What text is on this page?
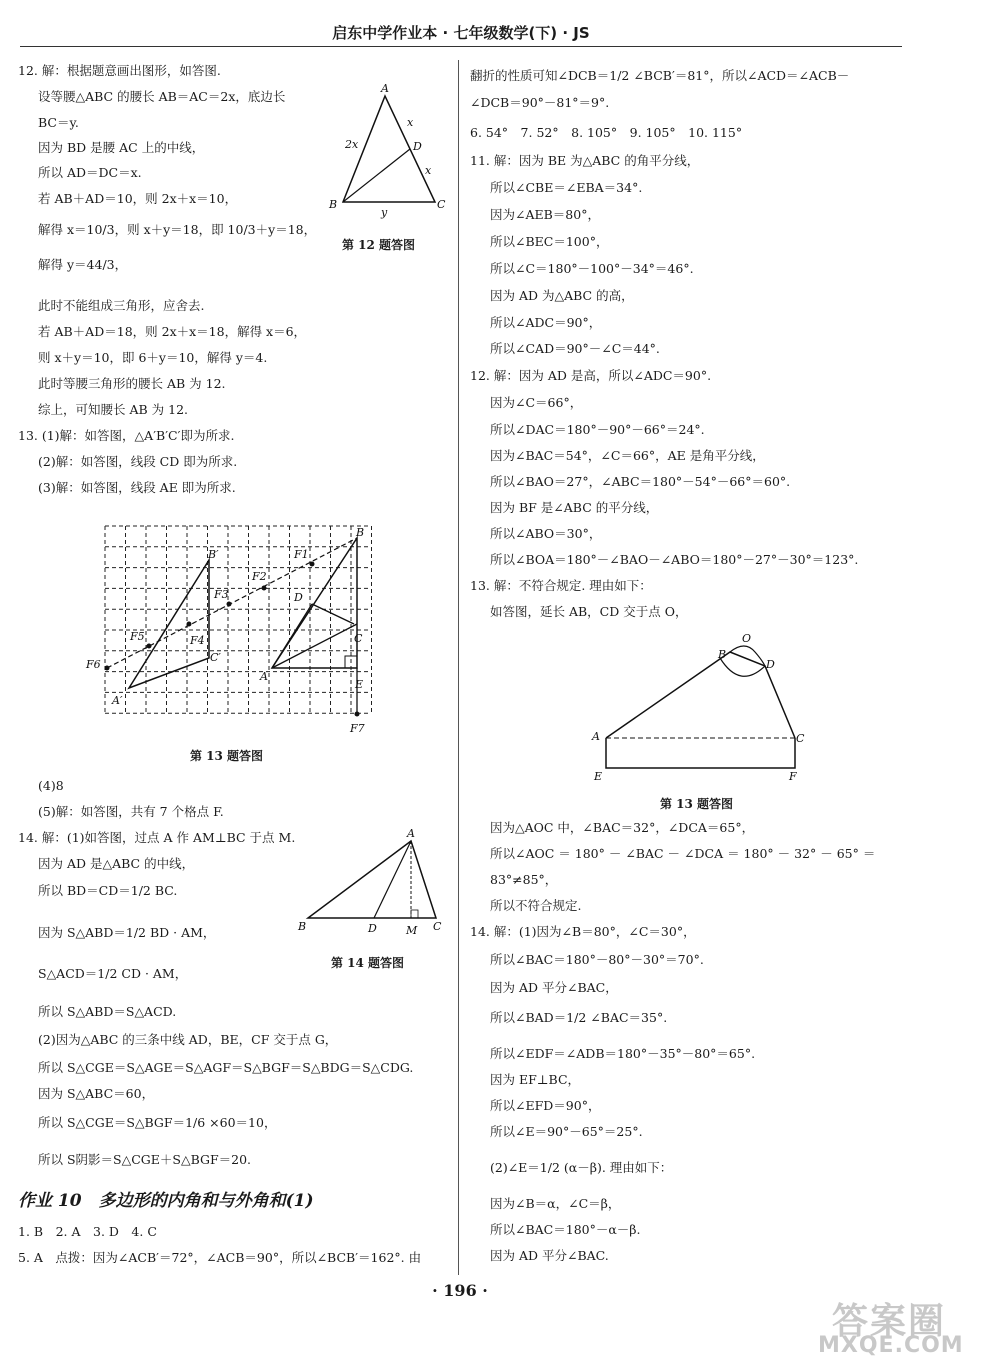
启东中学作业本 · 七年级数学(下) · JS
12. 解：根据题意画出图形，如答图.
设等腰△ABC 的腰长 AB＝AC＝2x，底边长
BC＝y.
因为 BD 是腰 AC 上的中线，
所以 AD＝DC＝x.
若 AB＋AD＝10，则 2x＋x＝10，
解得 x＝10/3，则 x＋y＝18，即 10/3＋y＝18，
解得 y＝44/3，
此时不能组成三角形，应舍去.
若 AB＋AD＝18，则 2x＋x＝18，解得 x＝6，
则 x＋y＝10，即 6＋y＝10，解得 y＝4.
此时等腰三角形的腰长 AB 为 12.
综上，可知腰长 AB 为 12.
13. (1)解：如答图，△A′B′C′即为所求.
(2)解：如答图，线段 CD 即为所求.
(3)解：如答图，线段 AE 即为所求.
(4)8
(5)解：如答图，共有 7 个格点 F.
14. 解：(1)如答图，过点 A 作 AM⊥BC 于点 M.
因为 AD 是△ABC 的中线，
所以 BD＝CD＝1/2 BC.
因为 S△ABD＝1/2 BD · AM，
S△ACD＝1/2 CD · AM，
所以 S△ABD＝S△ACD.
(2)因为△ABC 的三条中线 AD，BE，CF 交于点 G，
所以 S△CGE＝S△AGE＝S△AGF＝S△BGF＝S△BDG＝S△CDG.
因为 S△ABC＝60，
所以 S△CGE＝S△BGF＝1/6 ×60＝10，
所以 S阴影＝S△CGE＋S△BGF＝20.
翻折的性质可知∠DCB＝1/2 ∠BCB′＝81°，所以∠ACD＝∠ACB－
∠DCB＝90°－81°＝9°.
6. 54°　7. 52°　8. 105°　9. 105°　10. 115°
11. 解：因为 BE 为△ABC 的角平分线，
所以∠CBE＝∠EBA＝34°.
因为∠AEB＝80°，
所以∠BEC＝100°，
所以∠C＝180°－100°－34°＝46°.
因为 AD 为△ABC 的高，
所以∠ADC＝90°，
所以∠CAD＝90°－∠C＝44°.
12. 解：因为 AD 是高，所以∠ADC＝90°.
因为∠C＝66°，
所以∠DAC＝180°－90°－66°＝24°.
因为∠BAC＝54°，∠C＝66°，AE 是角平分线，
所以∠BAO＝27°，∠ABC＝180°－54°－66°＝60°.
因为 BF 是∠ABC 的平分线，
所以∠ABO＝30°，
所以∠BOA＝180°－∠BAO－∠ABO＝180°－27°－30°＝123°.
13. 解：不符合规定. 理由如下：
如答图，延长 AB，CD 交于点 O，
因为△AOC 中，∠BAC＝32°，∠DCA＝65°，
所以∠AOC ＝ 180° － ∠BAC － ∠DCA ＝ 180° － 32° － 65° ＝
83°≠85°，
所以不符合规定.
14. 解：(1)因为∠B＝80°，∠C＝30°，
所以∠BAC＝180°－80°－30°＝70°.
因为 AD 平分∠BAC，
所以∠BAD＝1/2 ∠BAC＝35°.
所以∠EDF＝∠ADB＝180°－35°－80°＝65°.
因为 EF⊥BC，
所以∠EFD＝90°，
所以∠E＝90°－65°＝25°.
(2)∠E＝1/2 (α－β). 理由如下：
因为∠B＝α，∠C＝β，
所以∠BAC＝180°－α－β.
因为 AD 平分∠BAC.
A
B	C
D
2x
x
x
y
第 12 题答图
B′	F1
B
F2
F3	D
F5	F4	C
C′
F6
A
A′
E
F7
第 13 题答图
A
B	D	M C
第 14 题答图
O
B
D
A	C
E	F
第 13 题答图
作业 10　多边形的内角和与外角和(1)
1. B　2. A　3. D　4. C
5. A　点拨：因为∠ACB′＝72°，∠ACB＝90°，所以∠BCB′＝162°. 由
· 196 ·
答案圈
MXQE.COM
